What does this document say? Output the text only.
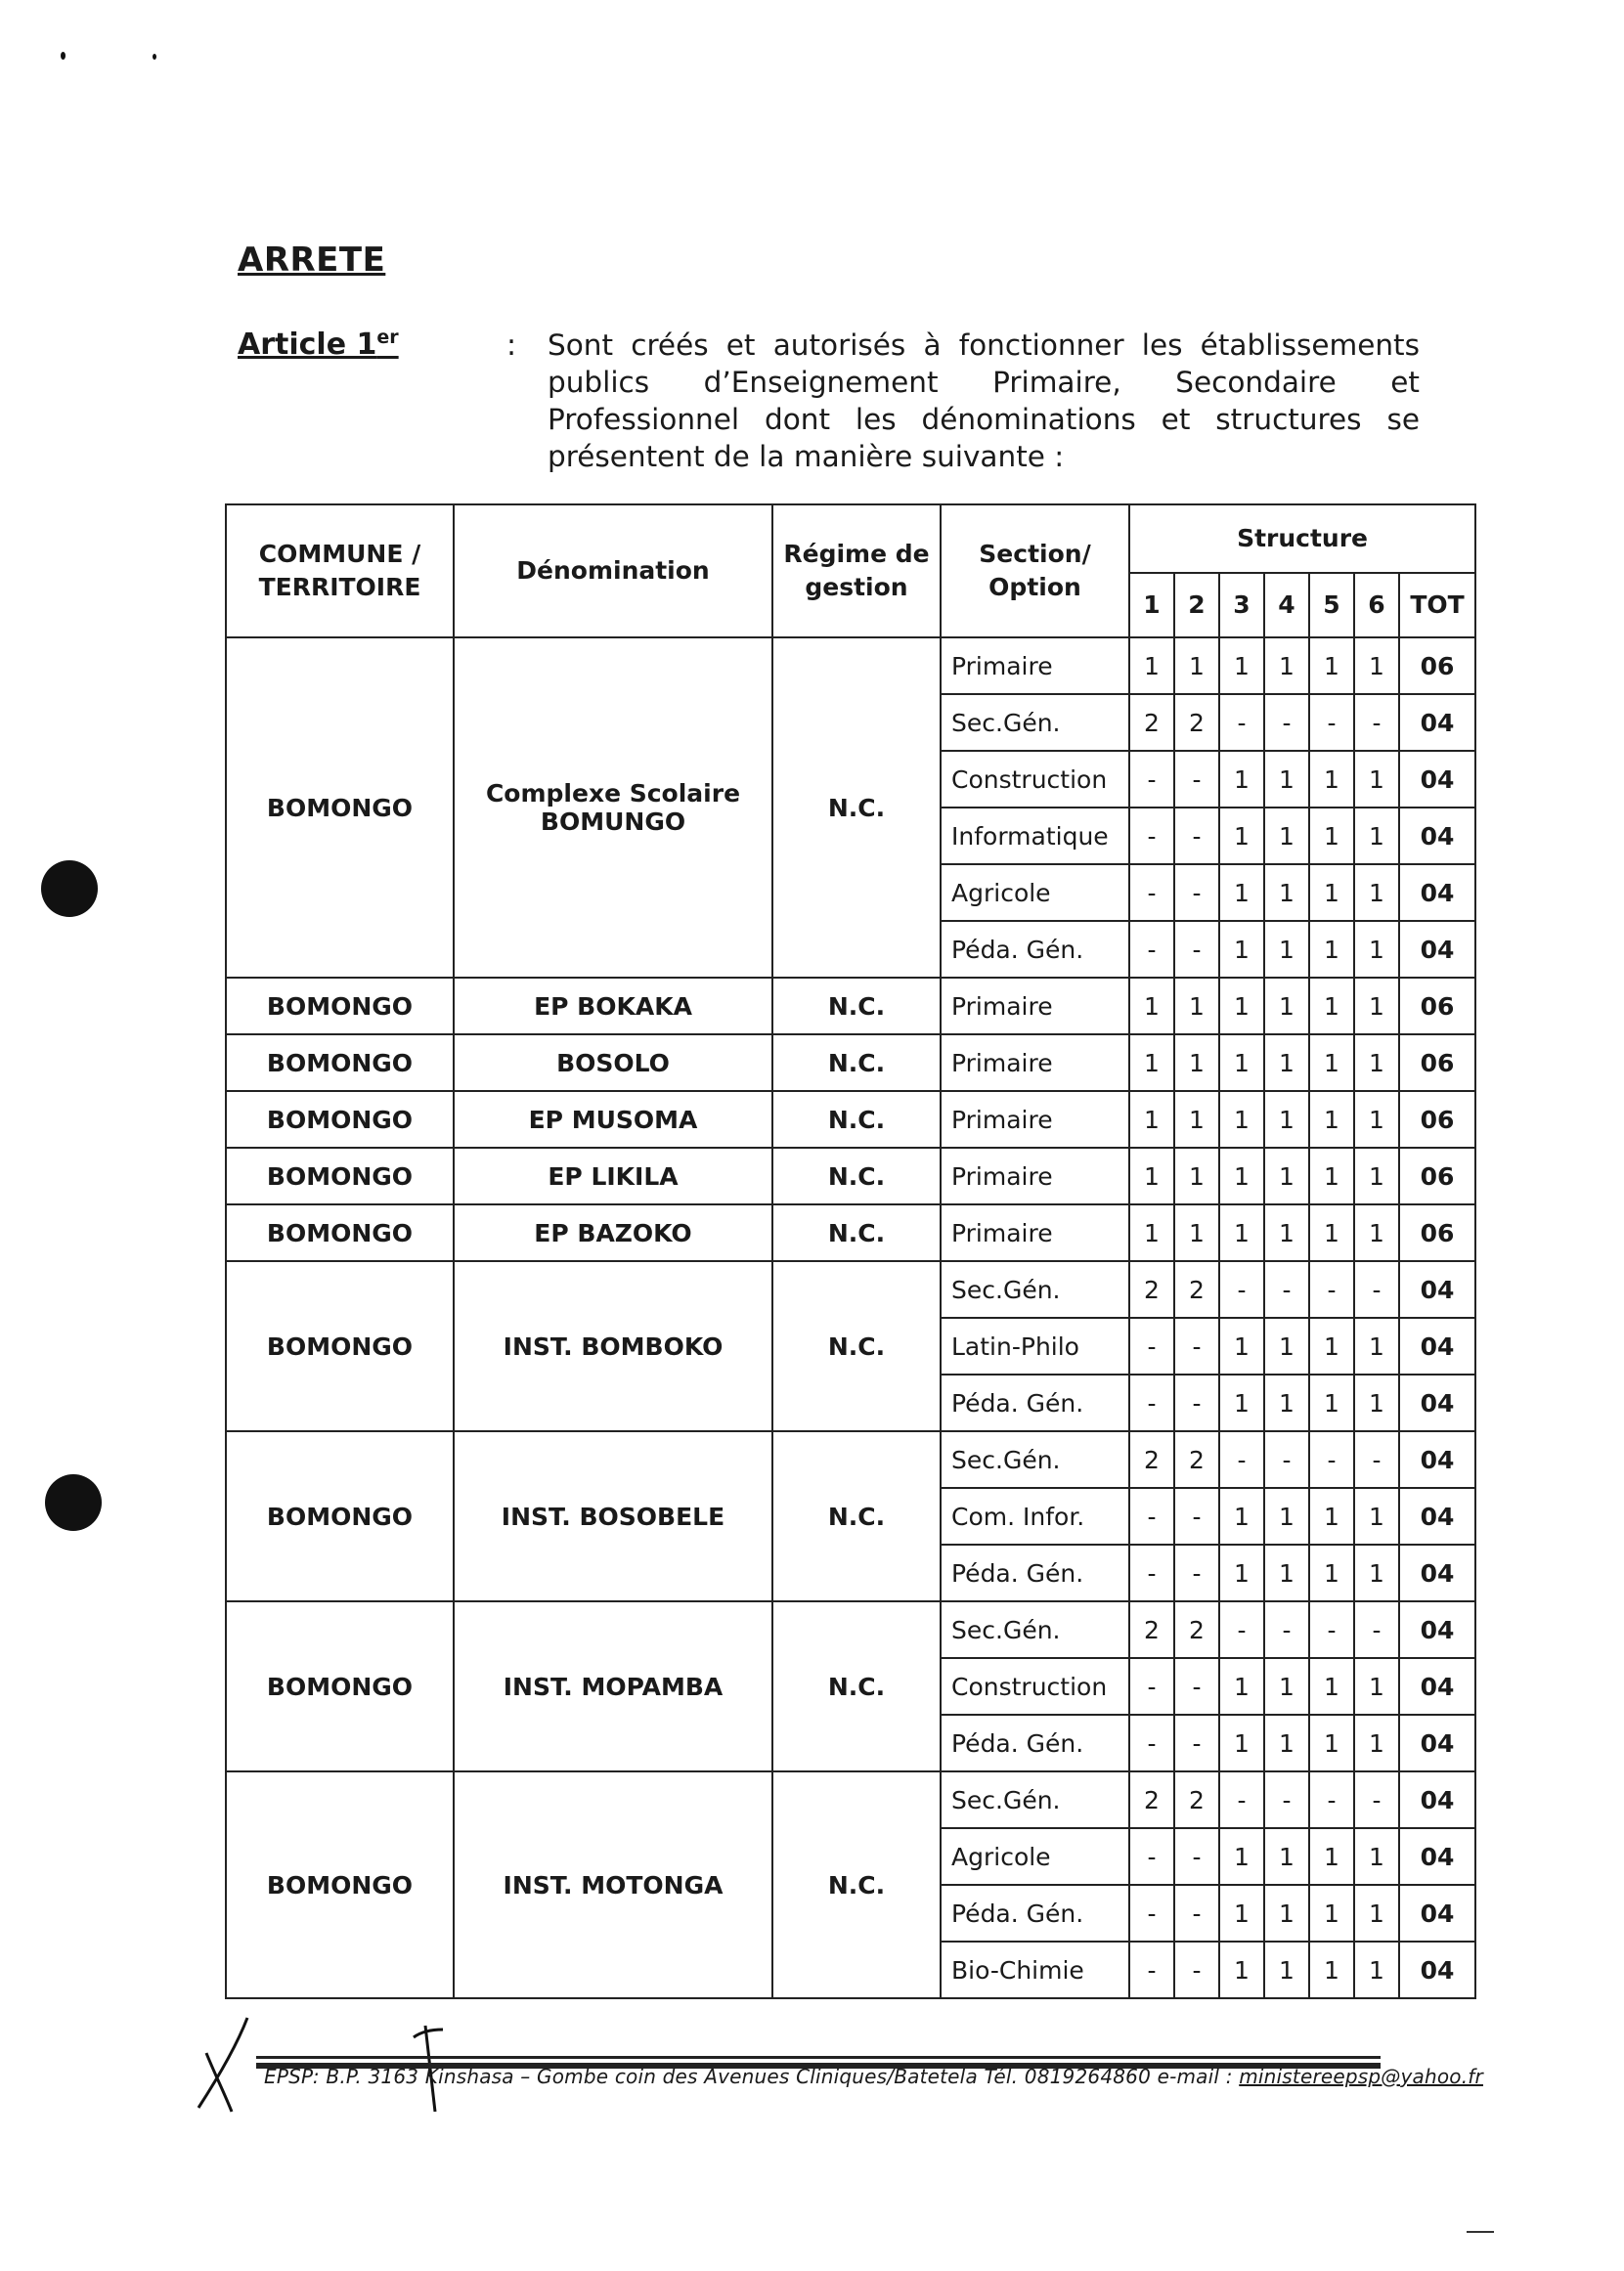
ARRETE
Article 1er	: Sont créés et autorisés à fonctionner les établissements publics d’Enseignement Primaire, Secondaire et Professionnel dont les dénominations et structures se présentent de la manière suivante :
COMMUNE / TERRITOIRE	Dénomination	Régime de gestion	Section/ Option	Structure						
				1	2	3	4	5	6	TOT
BOMONGO	Complexe Scolaire BOMUNGO	N.C.	Primaire	1	1	1	1	1	1	06
			Sec.Gén.	2	2	-	-	-	-	04
			Construction	-	-	1	1	1	1	04
			Informatique	-	-	1	1	1	1	04
			Agricole	-	-	1	1	1	1	04
			Péda. Gén.	-	-	1	1	1	1	04
BOMONGO	EP BOKAKA	N.C.	Primaire	1	1	1	1	1	1	06
BOMONGO	BOSOLO	N.C.	Primaire	1	1	1	1	1	1	06
BOMONGO	EP MUSOMA	N.C.	Primaire	1	1	1	1	1	1	06
BOMONGO	EP LIKILA	N.C.	Primaire	1	1	1	1	1	1	06
BOMONGO	EP BAZOKO	N.C.	Primaire	1	1	1	1	1	1	06
BOMONGO	INST. BOMBOKO	N.C.	Sec.Gén.	2	2	-	-	-	-	04
			Latin-Philo	-	-	1	1	1	1	04
			Péda. Gén.	-	-	1	1	1	1	04
BOMONGO	INST. BOSOBELE	N.C.	Sec.Gén.	2	2	-	-	-	-	04
			Com. Infor.	-	-	1	1	1	1	04
			Péda. Gén.	-	-	1	1	1	1	04
BOMONGO	INST. MOPAMBA	N.C.	Sec.Gén.	2	2	-	-	-	-	04
			Construction	-	-	1	1	1	1	04
			Péda. Gén.	-	-	1	1	1	1	04
BOMONGO	INST. MOTONGA	N.C.	Sec.Gén.	2	2	-	-	-	-	04
			Agricole	-	-	1	1	1	1	04
			Péda. Gén.	-	-	1	1	1	1	04
			Bio-Chimie	-	-	1	1	1	1	04
EPSP: B.P. 3163 Kinshasa – Gombe coin des Avenues Cliniques/Batetela Tél. 0819264860 e-mail : ministereepsp@yahoo.fr
